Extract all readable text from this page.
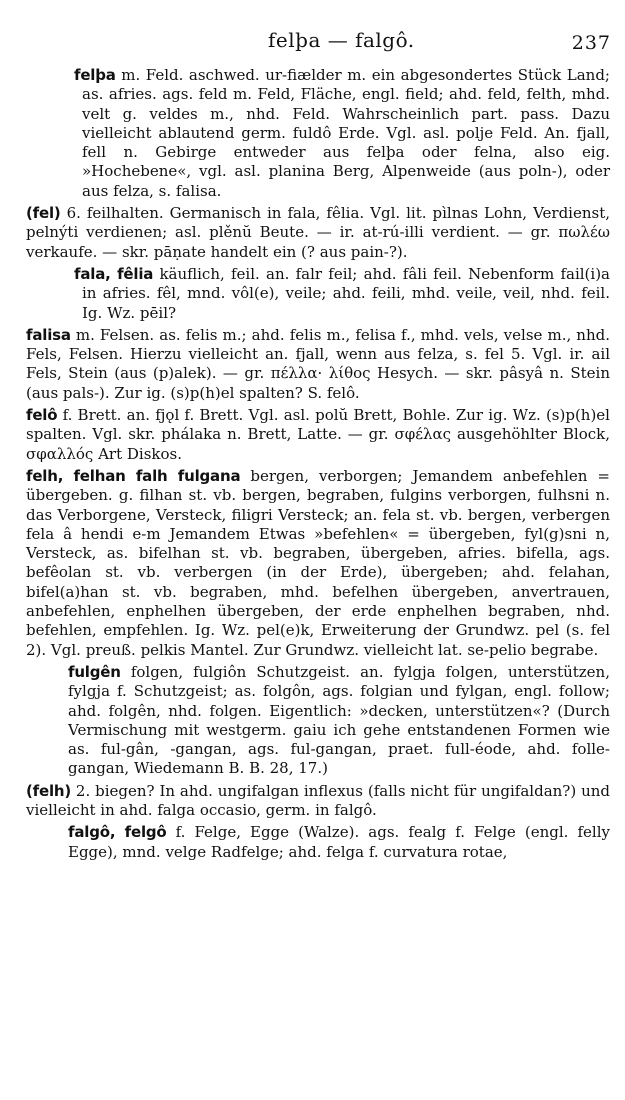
felþa — falgô.	237

felþa m. Feld. aschwed. ur-fiælder m. ein abgesondertes Stück Land; as. afries. ags. feld m. Feld, Fläche, engl. field; ahd. feld, felth, mhd. velt g. veldes m., nhd. Feld. Wahrscheinlich part. pass. Dazu vielleicht ablautend germ. fuldô Erde. Vgl. asl. polje Feld. An. fjall, fell n. Gebirge entweder aus felþa oder felna, also eig. »Hochebene«, vgl. asl. planina Berg, Alpenweide (aus poln-), oder aus felza, s. falisa.

(fel) 6. feilhalten. Germanisch in fala, fêlia. Vgl. lit. pìlnas Lohn, Verdienst, pelnýti verdienen; asl. plěnŭ Beute. — ir. at-rú-illi verdient. — gr. πωλέω verkaufe. — skr. pāṇate handelt ein (? aus pain-?).

fala, fêlia käuflich, feil. an. falr feil; ahd. fâli feil. Nebenform fail(i)a in afries. fêl, mnd. vôl(e), veile; ahd. feili, mhd. veile, veil, nhd. feil. Ig. Wz. pēil?

falisa m. Felsen. as. felis m.; ahd. felis m., felisa f., mhd. vels, velse m., nhd. Fels, Felsen. Hierzu vielleicht an. fjall, wenn aus felza, s. fel 5. Vgl. ir. ail Fels, Stein (aus (p)alek). — gr. πέλλα· λίθος Hesych. — skr. pâsyâ n. Stein (aus pals-). Zur ig. (s)p(h)el spalten? S. felô.

felô f. Brett. an. fjǫl f. Brett. Vgl. asl. polŭ Brett, Bohle. Zur ig. Wz. (s)p(h)el spalten. Vgl. skr. phálaka n. Brett, Latte. — gr. σφέλας ausgehöhlter Block, σφαλλός Art Diskos.

felh, felhan falh fulgana bergen, verborgen; Jemandem anbefehlen = übergeben. g. filhan st. vb. bergen, begraben, fulgins verborgen, fulhsni n. das Verborgene, Versteck, filigri Versteck; an. fela st. vb. bergen, verbergen fela â hendi e-m Jemandem Etwas »befehlen« = übergeben, fyl(g)sni n, Versteck, as. bifelhan st. vb. begraben, übergeben, afries. bifella, ags. befêolan st. vb. verbergen (in der Erde), übergeben; ahd. felahan, bifel(a)han st. vb. begraben, mhd. befelhen übergeben, anvertrauen, anbefehlen, enphelhen übergeben, der erde enphelhen begraben, nhd. befehlen, empfehlen. Ig. Wz. pel(e)k, Erweiterung der Grundwz. pel (s. fel 2). Vgl. preuß. pelkis Mantel. Zur Grundwz. vielleicht lat. se-pelio begrabe.

fulgên folgen, fulgiôn Schutzgeist. an. fylgja folgen, unterstützen, fylgja f. Schutzgeist; as. folgôn, ags. folgian und fylgan, engl. follow; ahd. folgên, nhd. folgen. Eigentlich: »decken, unterstützen«? (Durch Vermischung mit westgerm. gaiu ich gehe entstandenen Formen wie as. ful-gân, -gangan, ags. ful-gangan, praet. full-éode, ahd. folle-gangan, Wiedemann B. B. 28, 17.)

(felh) 2. biegen? In ahd. ungifalgan inflexus (falls nicht für ungifaldan?) und vielleicht in ahd. falga occasio, germ. in falgô.

falgô, felgô f. Felge, Egge (Walze). ags. fealg f. Felge (engl. felly Egge), mnd. velge Radfelge; ahd. felga f. curvatura rotae,
